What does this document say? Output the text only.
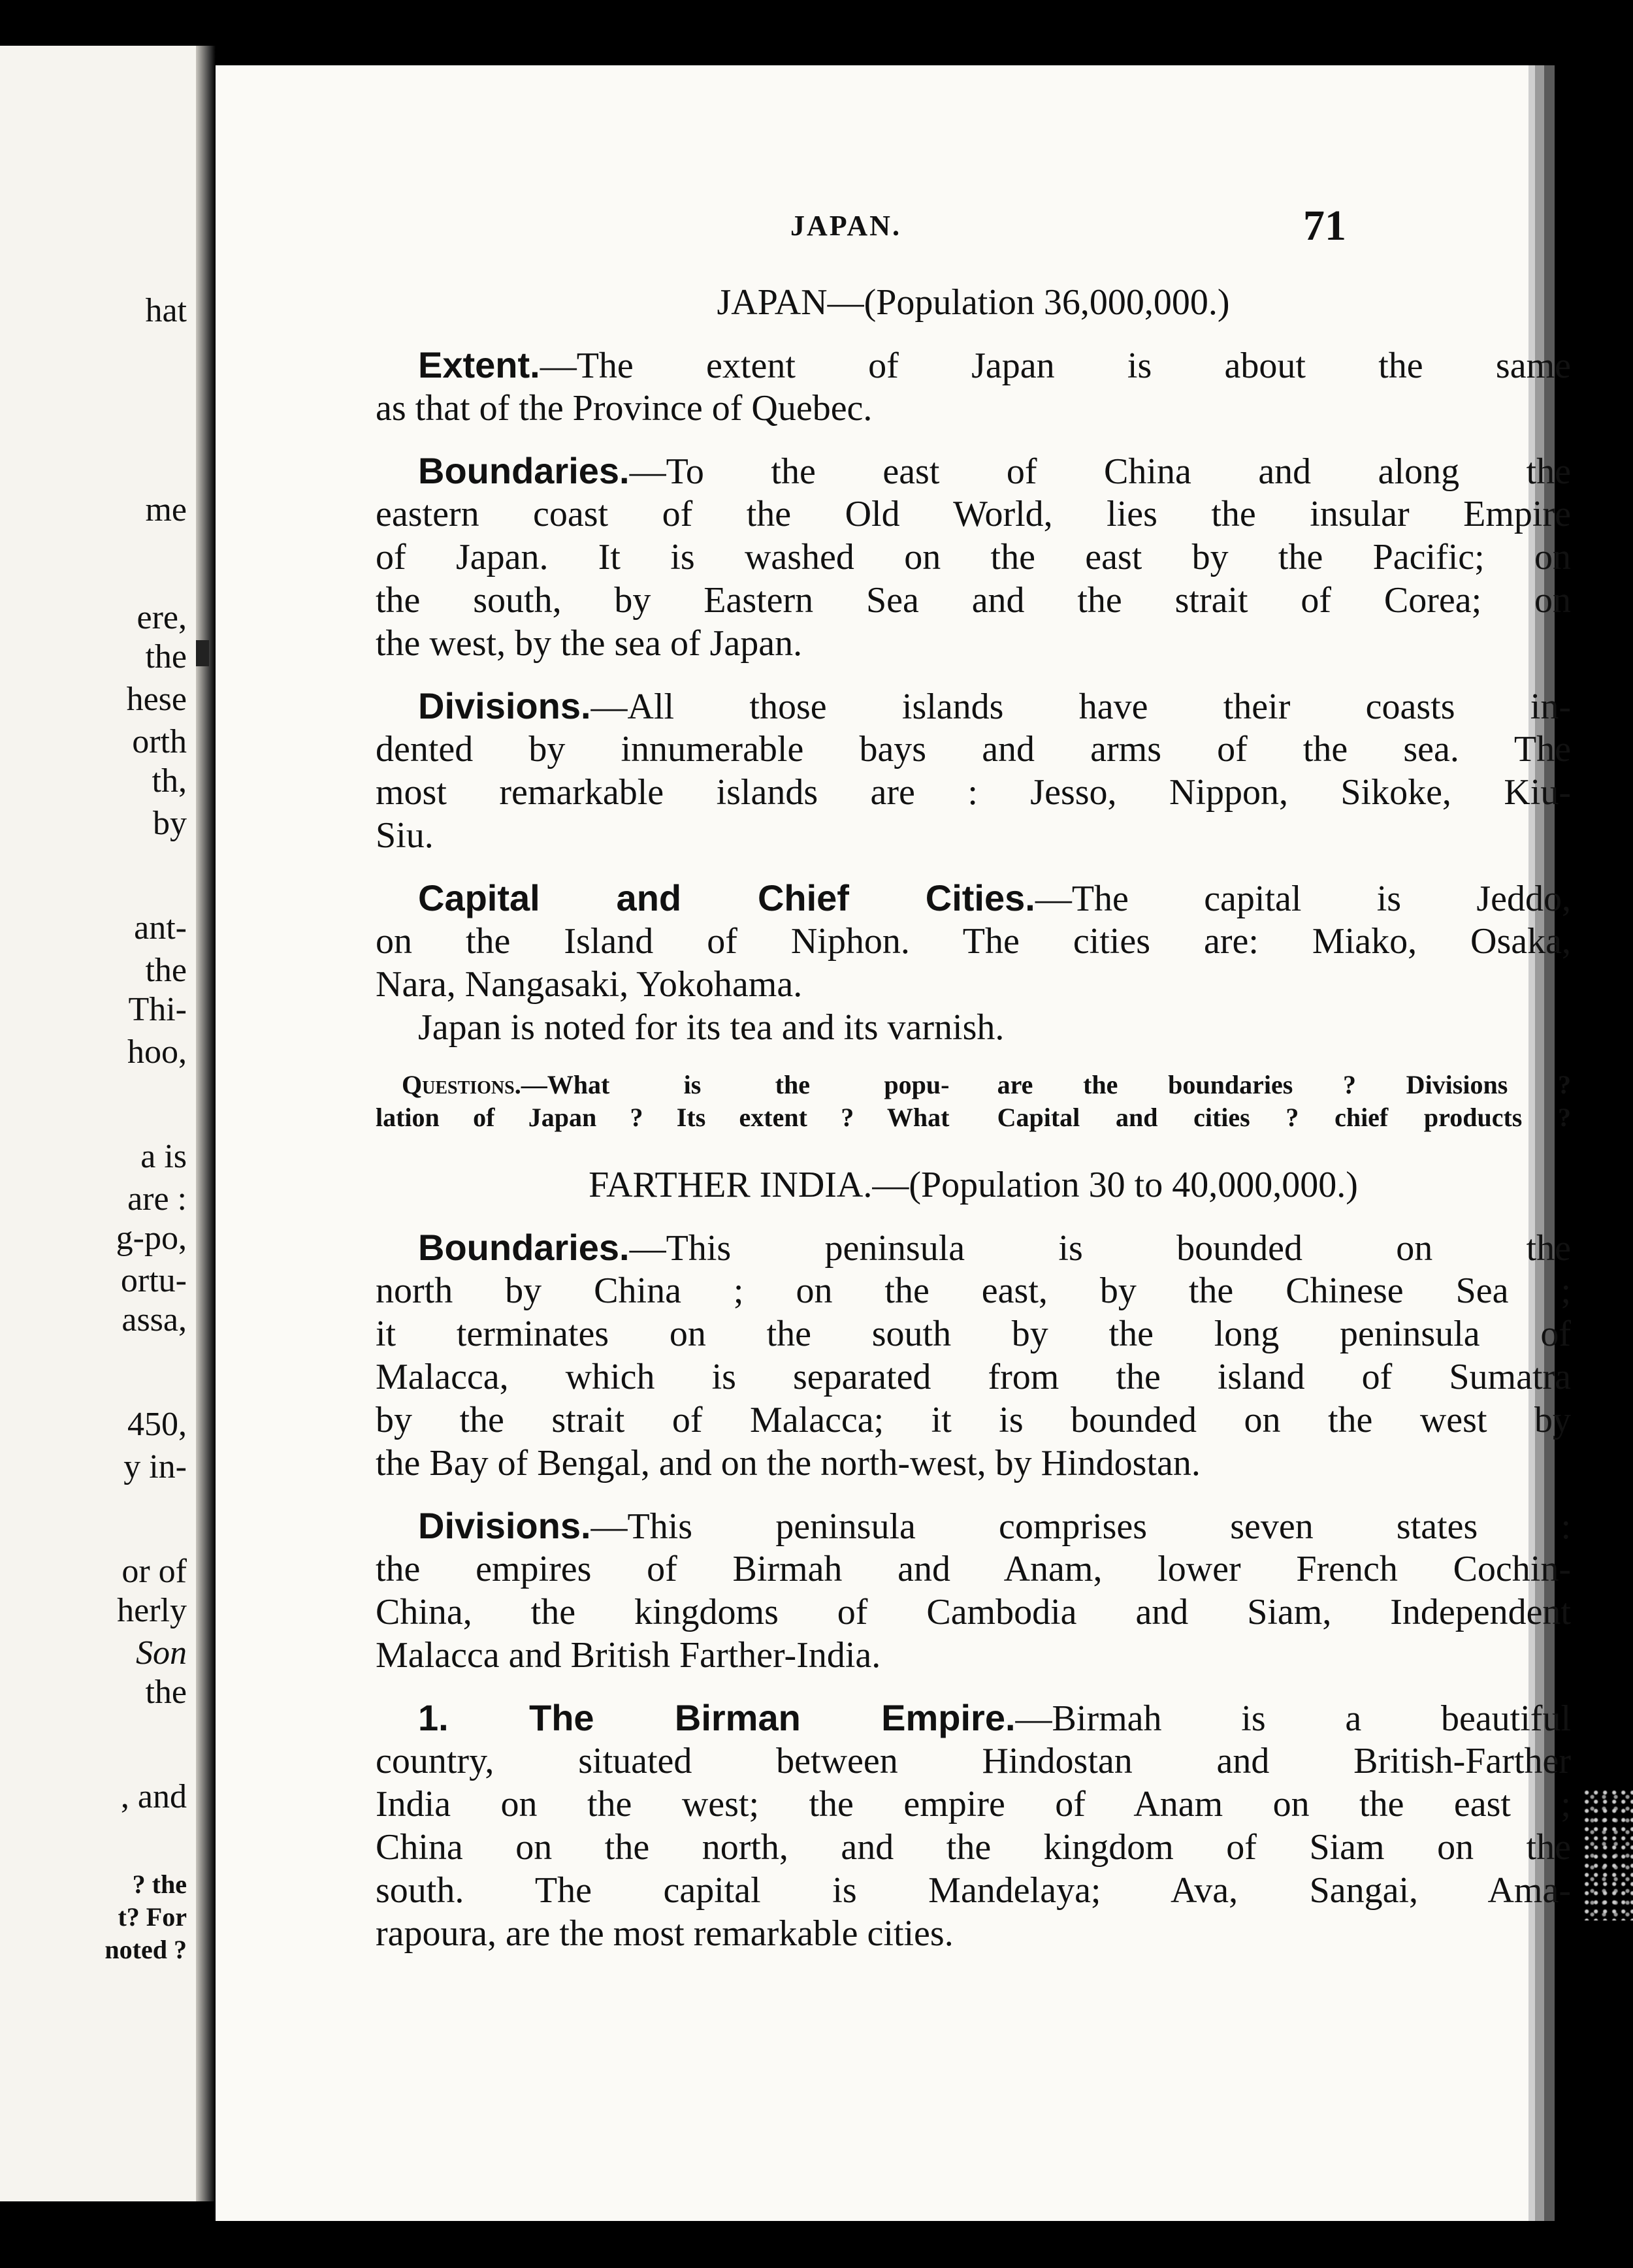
hat
me
ere,
the
hese
orth
th,
by
ant-
the
Thi-
hoo,
a is
are :
g-po,
ortu-
assa,
450,
y in-
or of
herly
Son
the
, and
? the
t? For
noted ?
JAPAN.	71
JAPAN—(Population 36,000,000.)
Extent.—The extent of Japan is about the same
as that of the Province of Quebec.
Boundaries.—To the east of China and along the
eastern coast of the Old World, lies the insular Empire
of Japan. It is washed on the east by the Pacific; on
the south, by Eastern Sea and the strait of Corea; on
the west, by the sea of Japan.
Divisions.—All those islands have their coasts in-
dented by innumerable bays and arms of the sea. The
most remarkable islands are : Jesso, Nippon, Sikoke, Kiu-
Siu.
Capital and Chief Cities.—The capital is Jeddo,
on the Island of Niphon. The cities are: Miako, Osaka,
Nara, Nangasaki, Yokohama.
Japan is noted for its tea and its varnish.
Questions.—What is the popu-
lation of Japan ? Its extent ? What
are the boundaries ? Divisions ?
Capital and cities ? chief products ?
FARTHER INDIA.—(Population 30 to 40,000,000.)
Boundaries.—This peninsula is bounded on the
north by China ; on the east, by the Chinese Sea ;
it terminates on the south by the long peninsula of
Malacca, which is separated from the island of Sumatra
by the strait of Malacca; it is bounded on the west by
the Bay of Bengal, and on the north-west, by Hindostan.
Divisions.—This peninsula comprises seven states :
the empires of Birmah and Anam, lower French Cochin-
China, the kingdoms of Cambodia and Siam, Independent
Malacca and British Farther-India.
1. The Birman Empire.—Birmah is a beautiful
country, situated between Hindostan and British-Farther
India on the west; the empire of Anam on the east ;
China on the north, and the kingdom of Siam on the
south. The capital is Mandelaya; Ava, Sangai, Ama-
rapoura, are the most remarkable cities.
